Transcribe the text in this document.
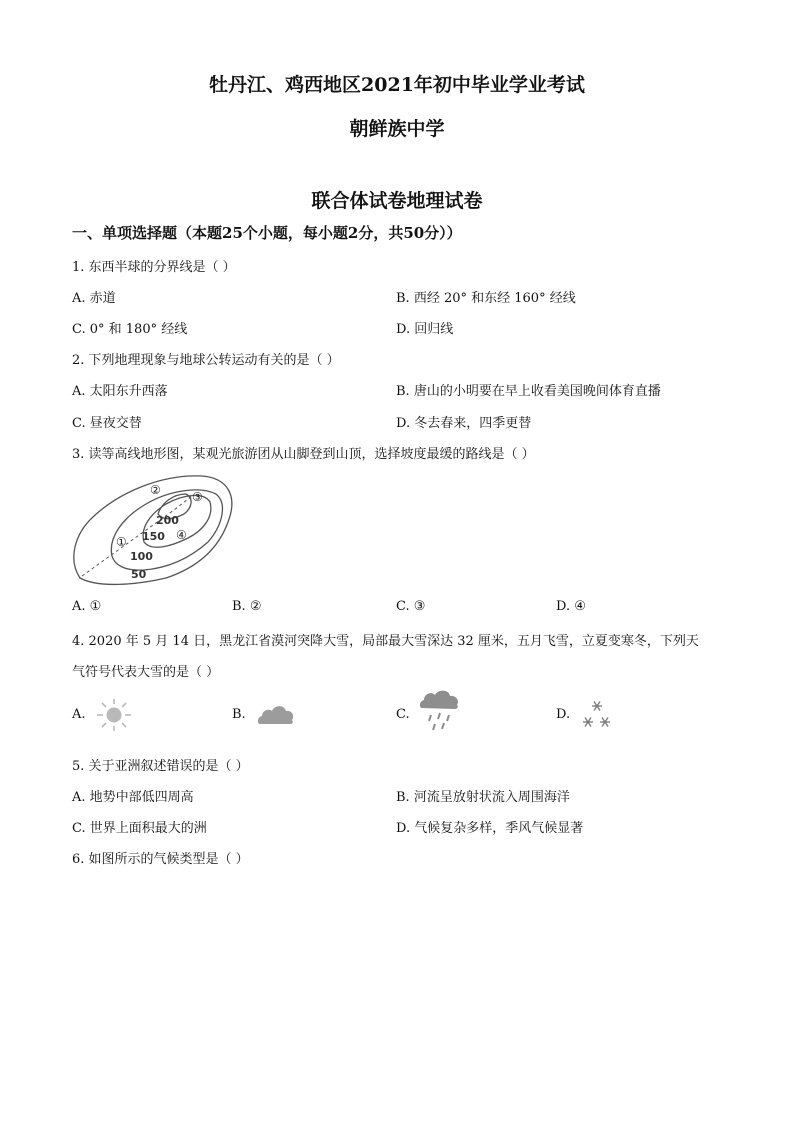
牡丹江、鸡西地区2021年初中毕业学业考试
朝鲜族中学
联合体试卷地理试卷
一、单项选择题（本题25个小题，每小题2分，共50分））
1. 东西半球的分界线是（ ）
A. 赤道	B. 西经 20° 和东经 160° 经线
C. 0° 和 180° 经线	D. 回归线
2. 下列地理现象与地球公转运动有关的是（ ）
A. 太阳东升西落	B. 唐山的小明要在早上收看美国晚间体育直播
C. 昼夜交替	D. 冬去春来，四季更替
3. 读等高线地形图，某观光旅游团从山脚登到山顶，选择坡度最缓的路线是（ ）
200
150
100
50
②	③
④
①
A. ①	B. ②	C. ③	D. ④
4. 2020 年 5 月 14 日，黑龙江省漠河突降大雪，局部最大雪深达 32 厘米，五月飞雪，立夏变寒冬，下列天
气符号代表大雪的是（ ）
A.	B.	C.	D.
5. 关于亚洲叙述错误的是（ ）
A. 地势中部低四周高	B. 河流呈放射状流入周围海洋
C. 世界上面积最大的洲	D. 气候复杂多样，季风气候显著
6. 如图所示的气候类型是（ ）
